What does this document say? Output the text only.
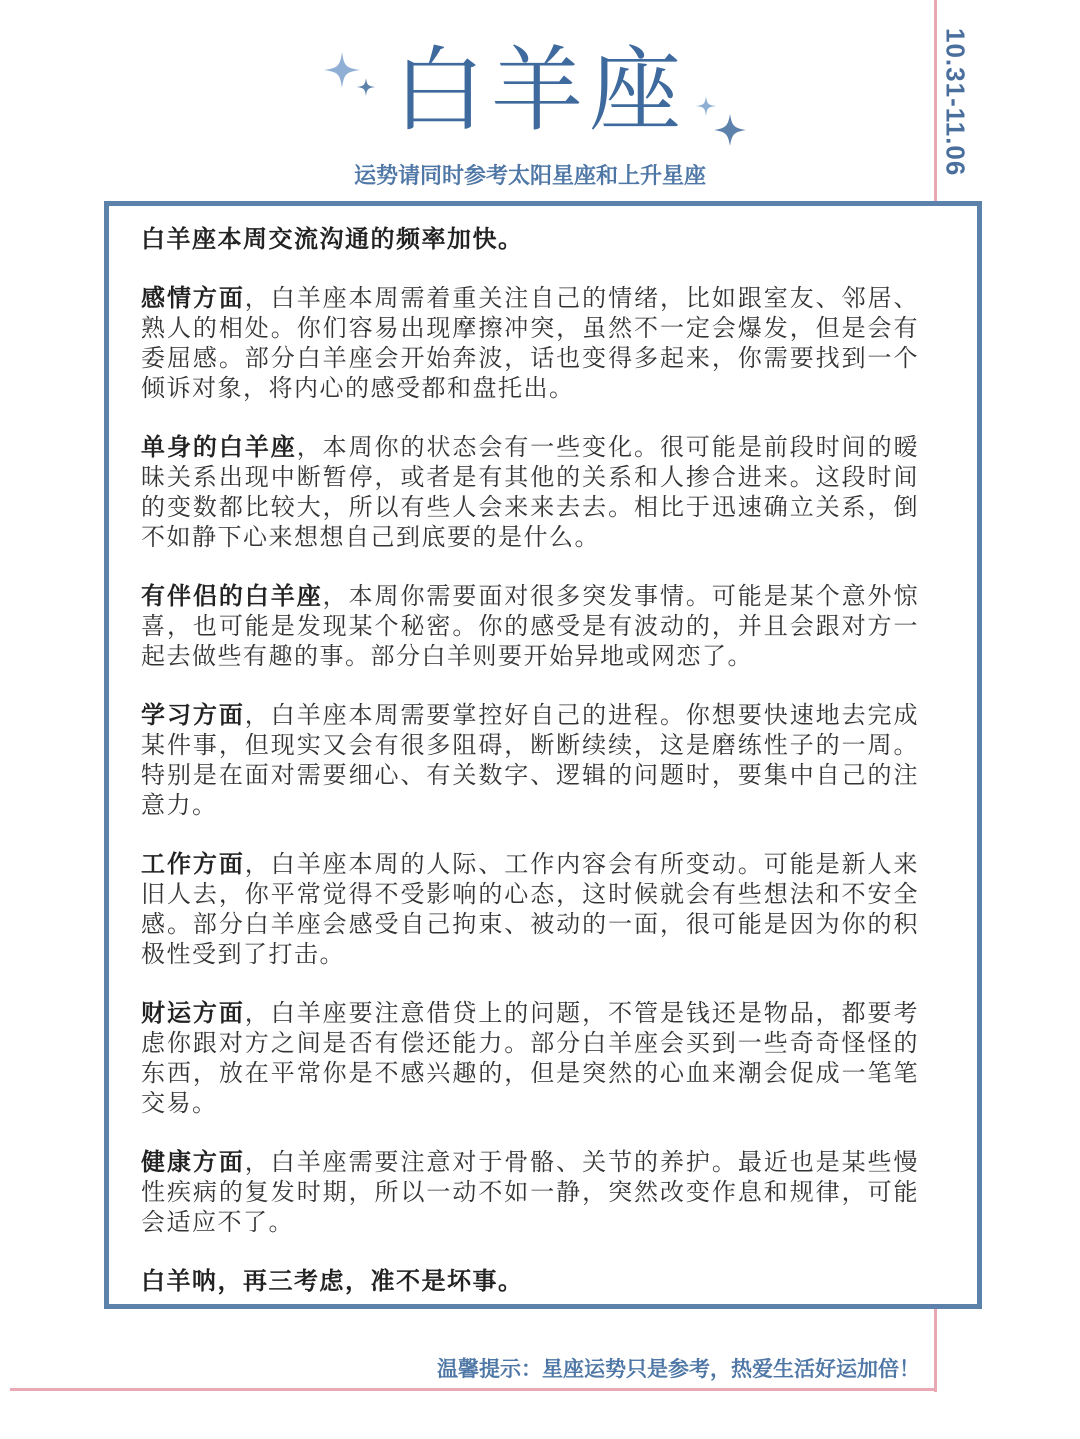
10.31-11.06
白羊座
运势请同时参考太阳星座和上升星座

白羊座本周交流沟通的频率加快。

感情方面，白羊座本周需着重关注自己的情绪，比如跟室友、邻居、熟人的相处。你们容易出现摩擦冲突，虽然不一定会爆发，但是会有委屈感。部分白羊座会开始奔波，话也变得多起来，你需要找到一个倾诉对象，将内心的感受都和盘托出。

单身的白羊座，本周你的状态会有一些变化。很可能是前段时间的暧昧关系出现中断暂停，或者是有其他的关系和人掺合进来。这段时间的变数都比较大，所以有些人会来来去去。相比于迅速确立关系，倒不如静下心来想想自己到底要的是什么。

有伴侣的白羊座，本周你需要面对很多突发事情。可能是某个意外惊喜，也可能是发现某个秘密。你的感受是有波动的，并且会跟对方一起去做些有趣的事。部分白羊则要开始异地或网恋了。

学习方面，白羊座本周需要掌控好自己的进程。你想要快速地去完成某件事，但现实又会有很多阻碍，断断续续，这是磨练性子的一周。特别是在面对需要细心、有关数字、逻辑的问题时，要集中自己的注意力。

工作方面，白羊座本周的人际、工作内容会有所变动。可能是新人来旧人去，你平常觉得不受影响的心态，这时候就会有些想法和不安全感。部分白羊座会感受自己拘束、被动的一面，很可能是因为你的积极性受到了打击。

财运方面，白羊座要注意借贷上的问题，不管是钱还是物品，都要考虑你跟对方之间是否有偿还能力。部分白羊座会买到一些奇奇怪怪的东西，放在平常你是不感兴趣的，但是突然的心血来潮会促成一笔笔交易。

健康方面，白羊座需要注意对于骨骼、关节的养护。最近也是某些慢性疾病的复发时期，所以一动不如一静，突然改变作息和规律，可能会适应不了。

白羊呐，再三考虑，准不是坏事。

温馨提示：星座运势只是参考，热爱生活好运加倍！
